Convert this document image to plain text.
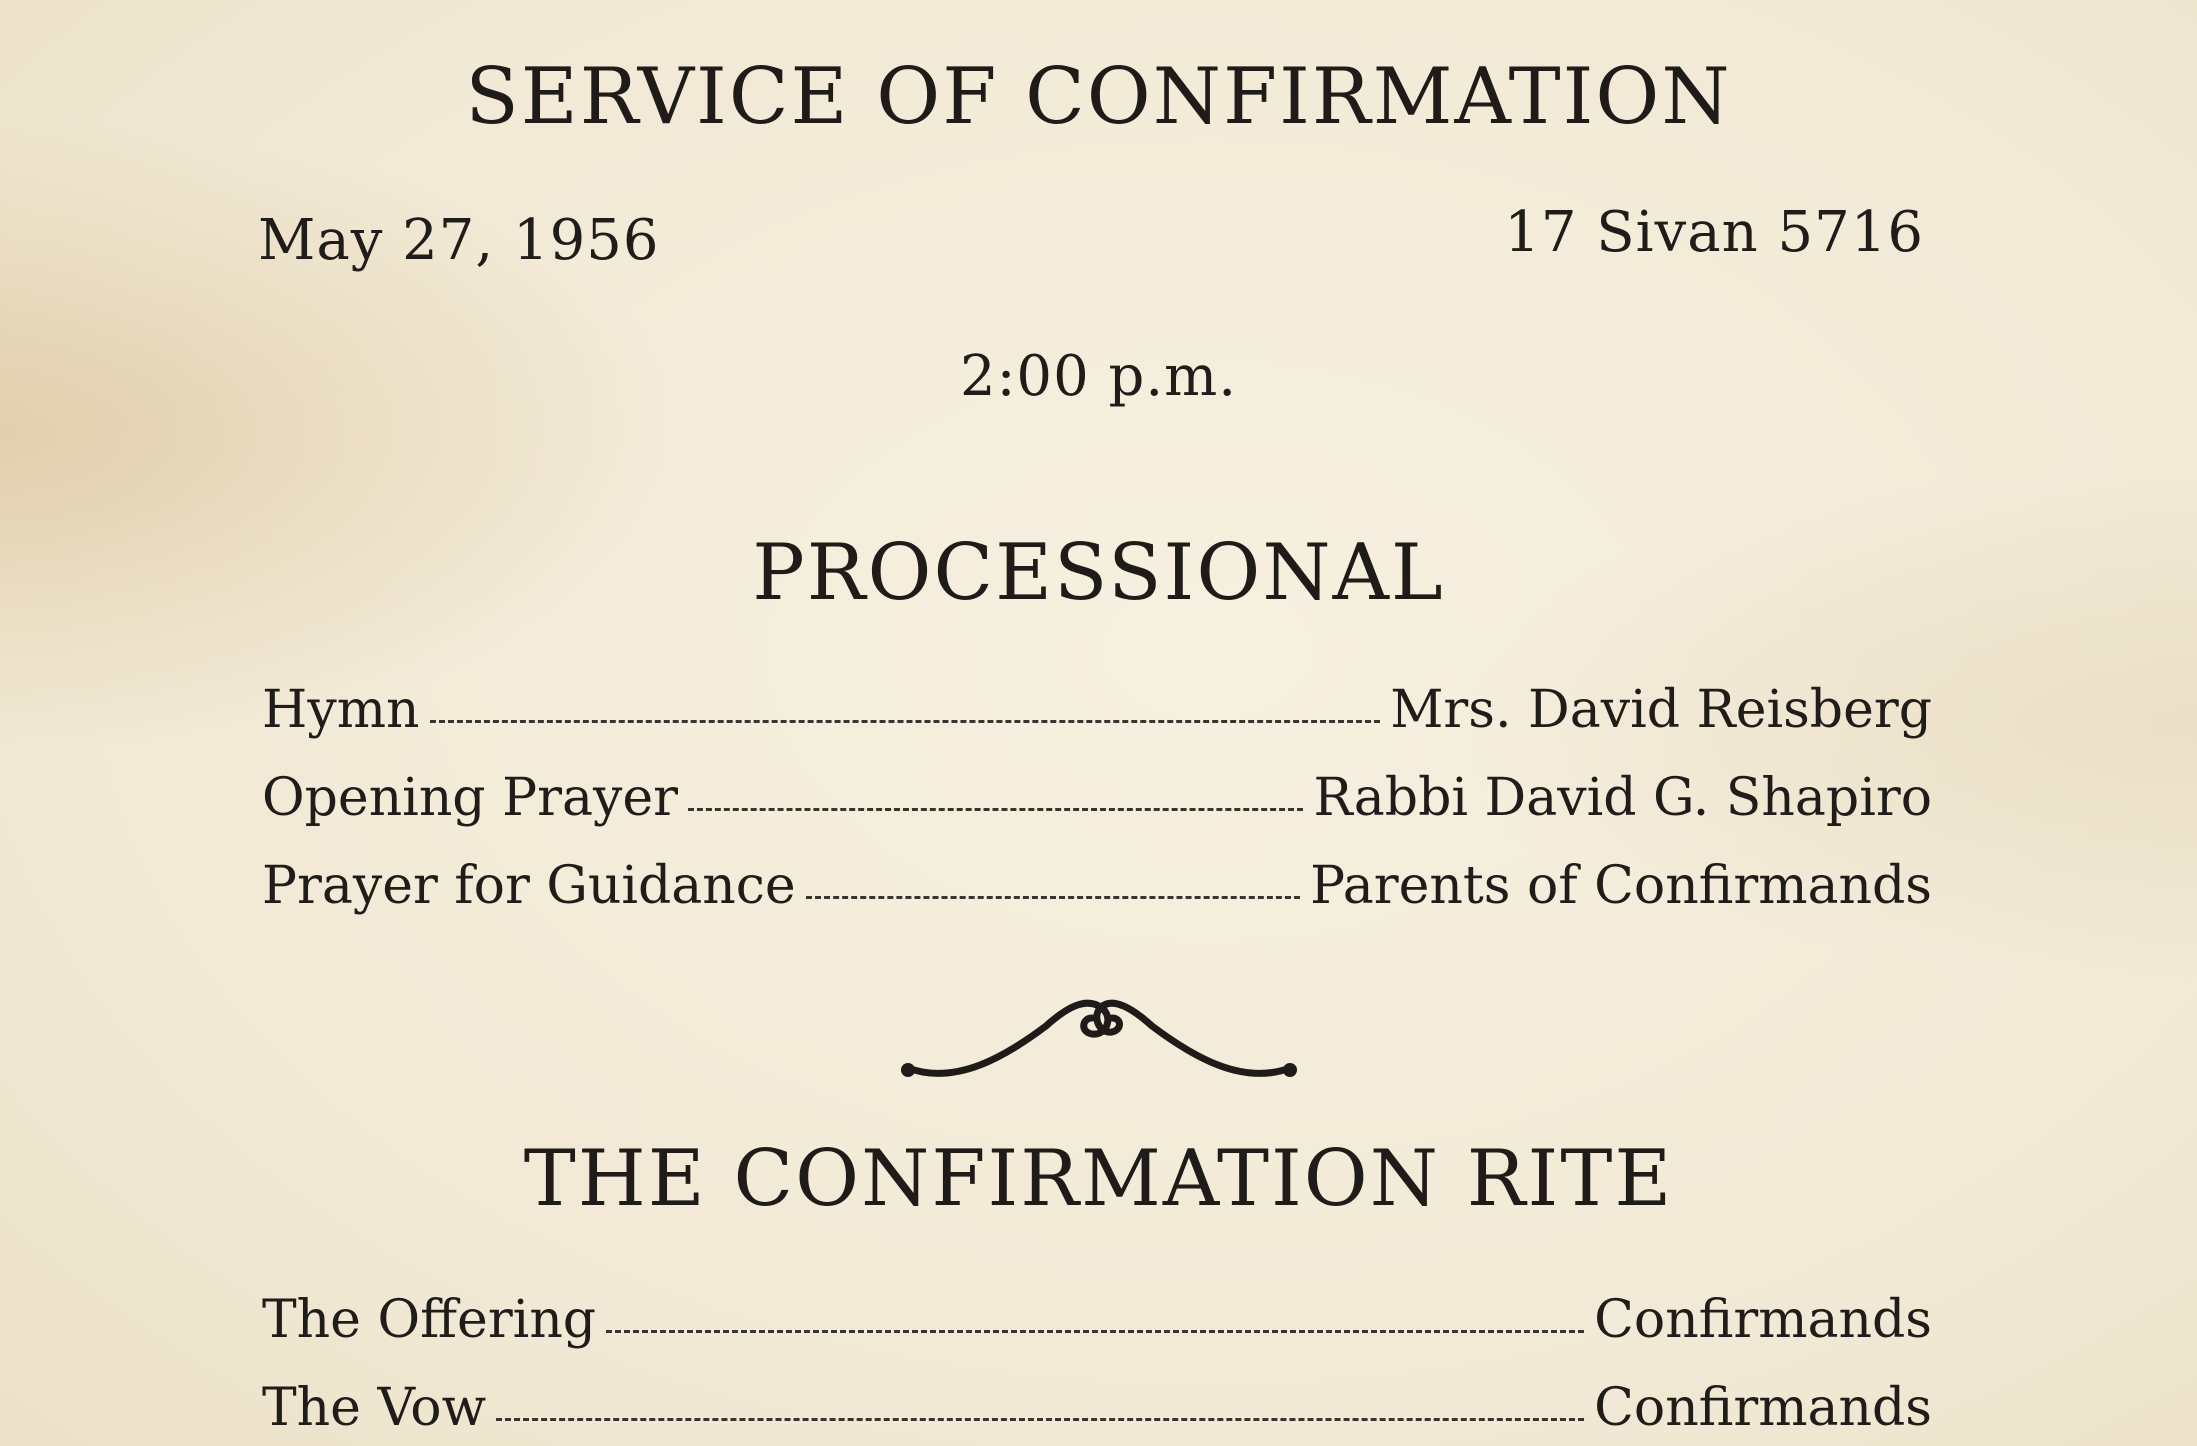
SERVICE OF CONFIRMATION
May 27, 1956	17 Sivan 5716
2:00 p.m.
PROCESSIONAL
Hymn	Mrs. David Reisberg
Opening Prayer	Rabbi David G. Shapiro
Prayer for Guidance	Parents of Confirmands
THE CONFIRMATION RITE
The Offering	Confirmands
The Vow	Confirmands
